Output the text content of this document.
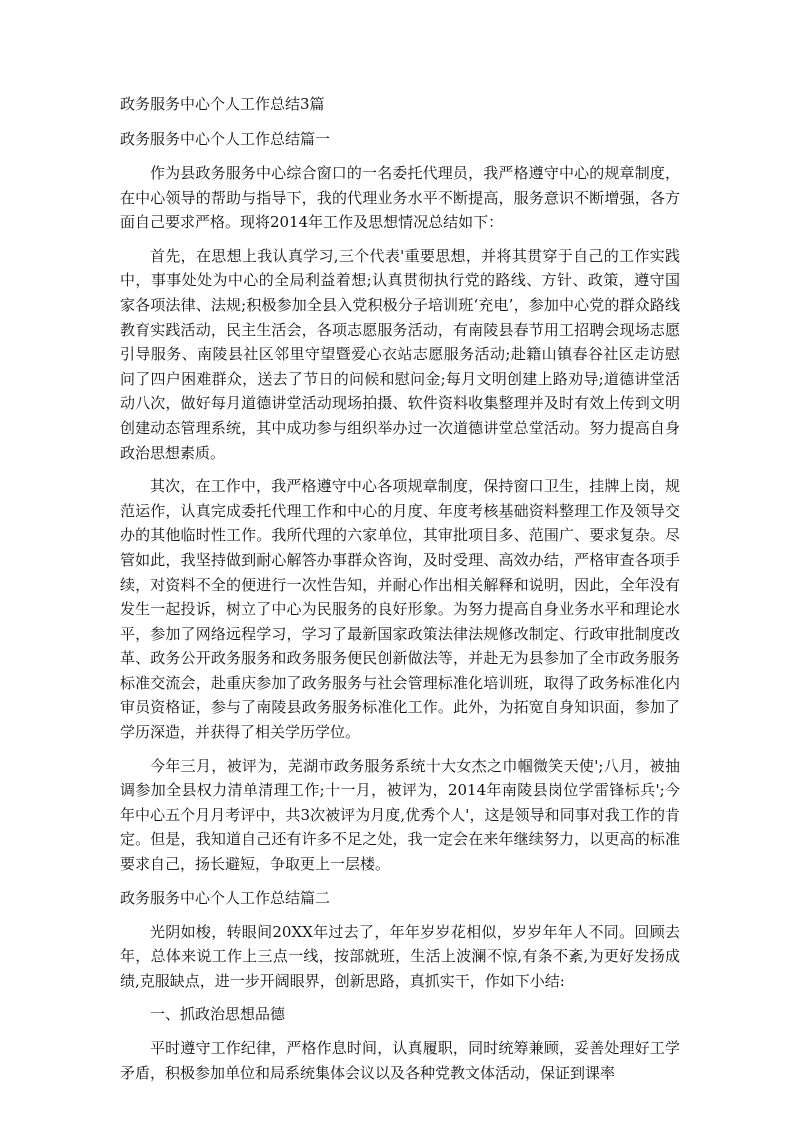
政务服务中心个人工作总结3篇
政务服务中心个人工作总结篇一

作为县政务服务中心综合窗口的一名委托代理员，我严格遵守中心的规章制度，在中心领导的帮助与指导下，我的代理业务水平不断提高，服务意识不断增强，各方面自己要求严格。现将2014年工作及思想情况总结如下：

首先，在思想上我认真学习,三个代表'重要思想，并将其贯穿于自己的工作实践中，事事处处为中心的全局利益着想;认真贯彻执行党的路线、方针、政策，遵守国家各项法律、法规;积极参加全县入党积极分子培训班‘充电’，参加中心党的群众路线教育实践活动，民主生活会，各项志愿服务活动，有南陵县春节用工招聘会现场志愿引导服务、南陵县社区邻里守望暨爱心衣站志愿服务活动;赴籍山镇春谷社区走访慰问了四户困难群众，送去了节日的问候和慰问金;每月文明创建上路劝导;道德讲堂活动八次，做好每月道德讲堂活动现场拍摄、软件资料收集整理并及时有效上传到文明创建动态管理系统，其中成功参与组织举办过一次道德讲堂总堂活动。努力提高自身政治思想素质。

其次，在工作中，我严格遵守中心各项规章制度，保持窗口卫生，挂牌上岗，规范运作，认真完成委托代理工作和中心的月度、年度考核基础资料整理工作及领导交办的其他临时性工作。我所代理的六家单位，其审批项目多、范围广、要求复杂。尽管如此，我坚持做到耐心解答办事群众咨询，及时受理、高效办结，严格审查各项手续，对资料不全的便进行一次性告知，并耐心作出相关解释和说明，因此，全年没有发生一起投诉，树立了中心为民服务的良好形象。为努力提高自身业务水平和理论水平，参加了网络远程学习，学习了最新国家政策法律法规修改制定、行政审批制度改革、政务公开政务服务和政务服务便民创新做法等，并赴无为县参加了全市政务服务标准交流会，赴重庆参加了政务服务与社会管理标准化培训班，取得了政务标准化内审员资格证，参与了南陵县政务服务标准化工作。此外，为拓宽自身知识面，参加了学历深造，并获得了相关学历学位。

今年三月，被评为，芜湖市政务服务系统十大女杰之巾帼微笑天使';八月，被抽调参加全县权力清单清理工作;十一月，被评为，2014年南陵县岗位学雷锋标兵';今年中心五个月月考评中，共3次被评为月度,优秀个人'，这是领导和同事对我工作的肯定。但是，我知道自己还有许多不足之处，我一定会在来年继续努力，以更高的标准要求自己，扬长避短，争取更上一层楼。

政务服务中心个人工作总结篇二

光阴如梭，转眼间20XX年过去了，年年岁岁花相似，岁岁年年人不同。回顾去年，总体来说工作上三点一线，按部就班，生活上波澜不惊,有条不紊,为更好发扬成绩,克服缺点，进一步开阔眼界，创新思路，真抓实干，作如下小结:

一、抓政治思想品德

平时遵守工作纪律，严格作息时间，认真履职，同时统筹兼顾，妥善处理好工学矛盾，积极参加单位和局系统集体会议以及各种党教文体活动，保证到课率
